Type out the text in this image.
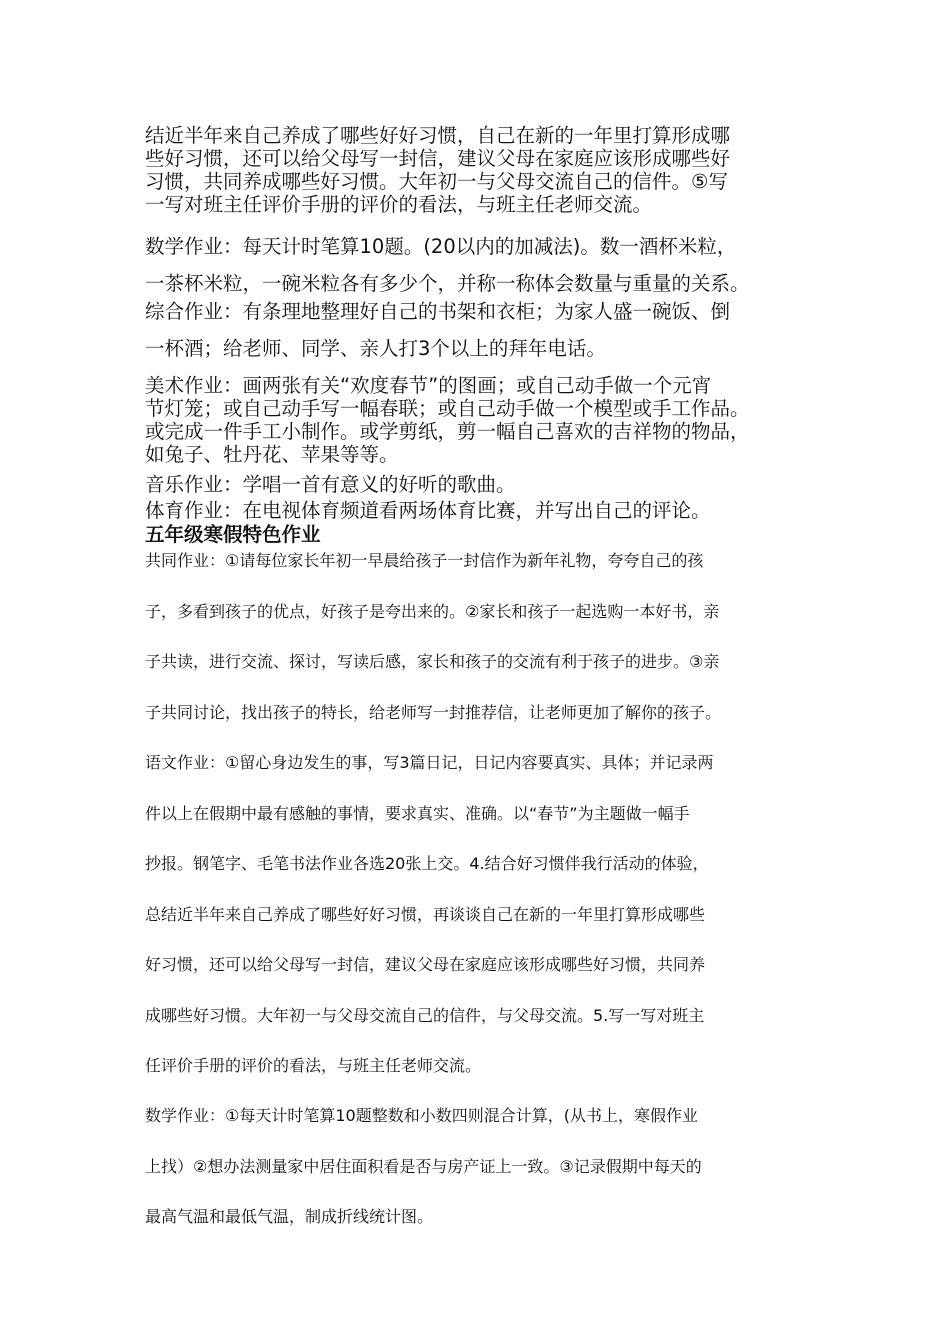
结近半年来自己养成了哪些好好习惯，自己在新的一年里打算形成哪
些好习惯，还可以给父母写一封信，建议父母在家庭应该形成哪些好
习惯，共同养成哪些好习惯。大年初一与父母交流自己的信件。⑤写
一写对班主任评价手册的评价的看法，与班主任老师交流。
数学作业：每天计时笔算10题。(20以内的加减法)。数一酒杯米粒，
一茶杯米粒，一碗米粒各有多少个，并称一称体会数量与重量的关系。
综合作业：有条理地整理好自己的书架和衣柜；为家人盛一碗饭、倒
一杯酒；给老师、同学、亲人打3个以上的拜年电话。
美术作业：画两张有关“欢度春节”的图画；或自己动手做一个元宵
节灯笼；或自己动手写一幅春联；或自己动手做一个模型或手工作品。
或完成一件手工小制作。或学剪纸，剪一幅自己喜欢的吉祥物的物品，
如兔子、牡丹花、苹果等等。
音乐作业：学唱一首有意义的好听的歌曲。
体育作业：在电视体育频道看两场体育比赛，并写出自己的评论。
五年级寒假特色作业
共同作业：①请每位家长年初一早晨给孩子一封信作为新年礼物，夸夸自己的孩
子，多看到孩子的优点，好孩子是夸出来的。②家长和孩子一起选购一本好书，亲
子共读，进行交流、探讨，写读后感，家长和孩子的交流有利于孩子的进步。③亲
子共同讨论，找出孩子的特长，给老师写一封推荐信，让老师更加了解你的孩子。
语文作业：①留心身边发生的事，写3篇日记，日记内容要真实、具体；并记录两
件以上在假期中最有感触的事情，要求真实、准确。以“春节”为主题做一幅手
抄报。钢笔字、毛笔书法作业各选20张上交。4.结合好习惯伴我行活动的体验，
总结近半年来自己养成了哪些好好习惯，再谈谈自己在新的一年里打算形成哪些
好习惯，还可以给父母写一封信，建议父母在家庭应该形成哪些好习惯，共同养
成哪些好习惯。大年初一与父母交流自己的信件，与父母交流。5.写一写对班主
任评价手册的评价的看法，与班主任老师交流。
数学作业：①每天计时笔算10题整数和小数四则混合计算，(从书上，寒假作业
上找）②想办法测量家中居住面积看是否与房产证上一致。③记录假期中每天的
最高气温和最低气温，制成折线统计图。
